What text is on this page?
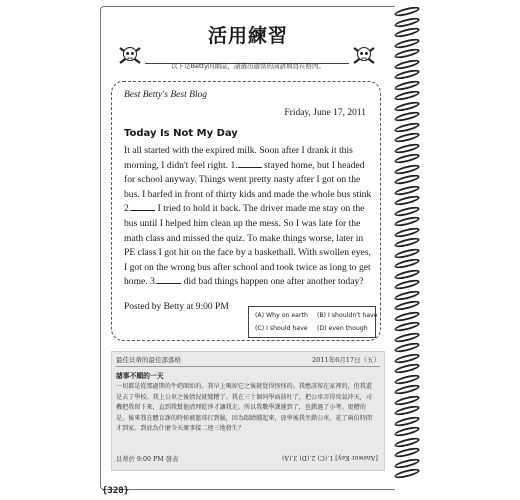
活用練習
以下是Betty的網誌，請選出適當的詞語填寫在格內。
Best Betty's Best Blog
Friday, June 17, 2011
Today Is Not My Day

It all started with the expired milk. Soon after I drank it this morning, I didn't feel right. 1.	stayed home, but I headed for school anyway. Things went pretty nasty after I got on the bus. I barfed in front of thirty kids and made the whole bus stink 2.	I tried to hold it back. The driver made me stay on the bus until I helped him clean up the mess. So I was late for the math class and missed the quiz. To make things worse, later in PE class I got hit on the face by a basketball. With swollen eyes, I got on the wrong bus after school and took twice as long to get home. 3.	did bad things happen one after another today?

Posted by Betty at 9:00 PM
(A) Why on earth (B) I shouldn't have
(C) I should have (D) even though
最佳貝蒂的最佳部落格	2011年6月17日（五）
諸事不順的一天
一切都是從那過期的牛奶開始的。我早上喝掉它之後就覺得怪怪的。我應該留在家裡的，但我還是去了學校。我上公車之後情況就變糟了。我在三十個同學面前吐了，把公車弄得臭氣沖天，司機把我留下來，直到我幫他清理乾淨才讓我走。所以我數學課遲到了，也錯過了小考。更糟的是，後來我在體育課的時候被籃球打到臉，因為眼睛腫起來，放學後我坐錯公車，花了兩倍時間才到家。到底為什麼今天壞事接二連三地發生？
貝蒂於 9:00 PM 發表	[Answer Key] 1.(C) 2.(D) 3.(A)
{328}
